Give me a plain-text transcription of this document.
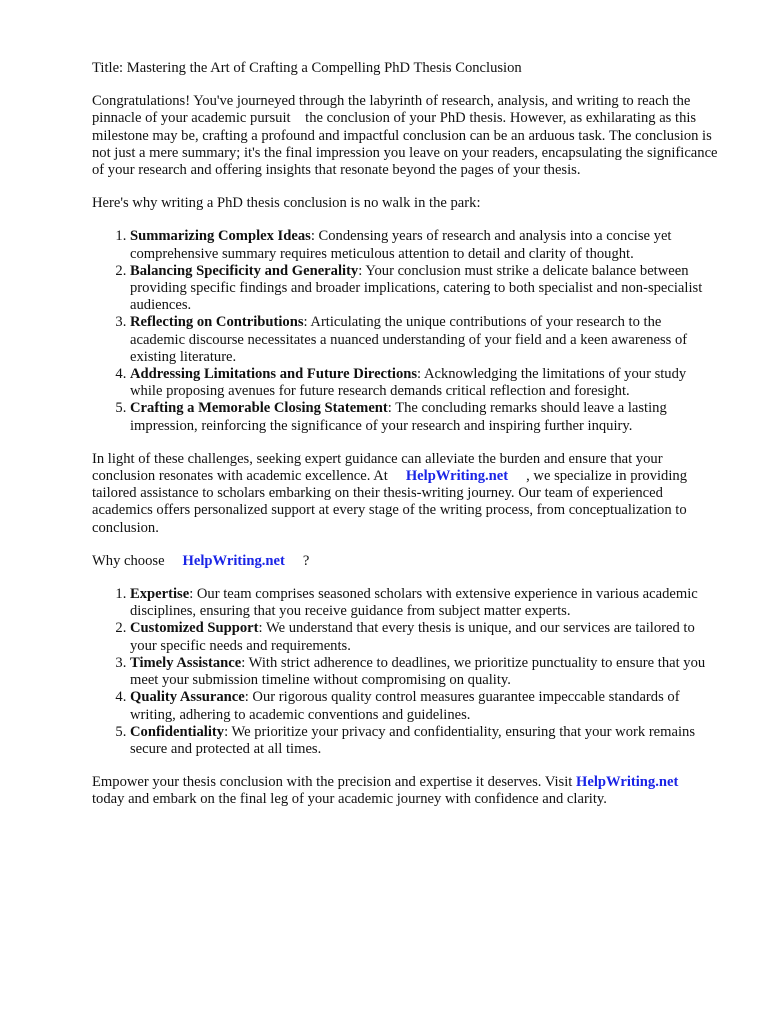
Title: Mastering the Art of Crafting a Compelling PhD Thesis Conclusion

Congratulations! You've journeyed through the labyrinth of research, analysis, and writing to reach the pinnacle of your academic pursuit    the conclusion of your PhD thesis. However, as exhilarating as this milestone may be, crafting a profound and impactful conclusion can be an arduous task. The conclusion is not just a mere summary; it's the final impression you leave on your readers, encapsulating the significance of your research and offering insights that resonate beyond the pages of your thesis.

Here's why writing a PhD thesis conclusion is no walk in the park:

1. Summarizing Complex Ideas: Condensing years of research and analysis into a concise yet comprehensive summary requires meticulous attention to detail and clarity of thought.
2. Balancing Specificity and Generality: Your conclusion must strike a delicate balance between providing specific findings and broader implications, catering to both specialist and non-specialist audiences.
3. Reflecting on Contributions: Articulating the unique contributions of your research to the academic discourse necessitates a nuanced understanding of your field and a keen awareness of existing literature.
4. Addressing Limitations and Future Directions: Acknowledging the limitations of your study while proposing avenues for future research demands critical reflection and foresight.
5. Crafting a Memorable Closing Statement: The concluding remarks should leave a lasting impression, reinforcing the significance of your research and inspiring further inquiry.

In light of these challenges, seeking expert guidance can alleviate the burden and ensure that your conclusion resonates with academic excellence. At HelpWriting.net , we specialize in providing tailored assistance to scholars embarking on their thesis-writing journey. Our team of experienced academics offers personalized support at every stage of the writing process, from conceptualization to conclusion.

Why choose HelpWriting.net ?

1. Expertise: Our team comprises seasoned scholars with extensive experience in various academic disciplines, ensuring that you receive guidance from subject matter experts.
2. Customized Support: We understand that every thesis is unique, and our services are tailored to your specific needs and requirements.
3. Timely Assistance: With strict adherence to deadlines, we prioritize punctuality to ensure that you meet your submission timeline without compromising on quality.
4. Quality Assurance: Our rigorous quality control measures guarantee impeccable standards of writing, adhering to academic conventions and guidelines.
5. Confidentiality: We prioritize your privacy and confidentiality, ensuring that your work remains secure and protected at all times.

Empower your thesis conclusion with the precision and expertise it deserves. Visit HelpWriting.nettoday and embark on the final leg of your academic journey with confidence and clarity.
